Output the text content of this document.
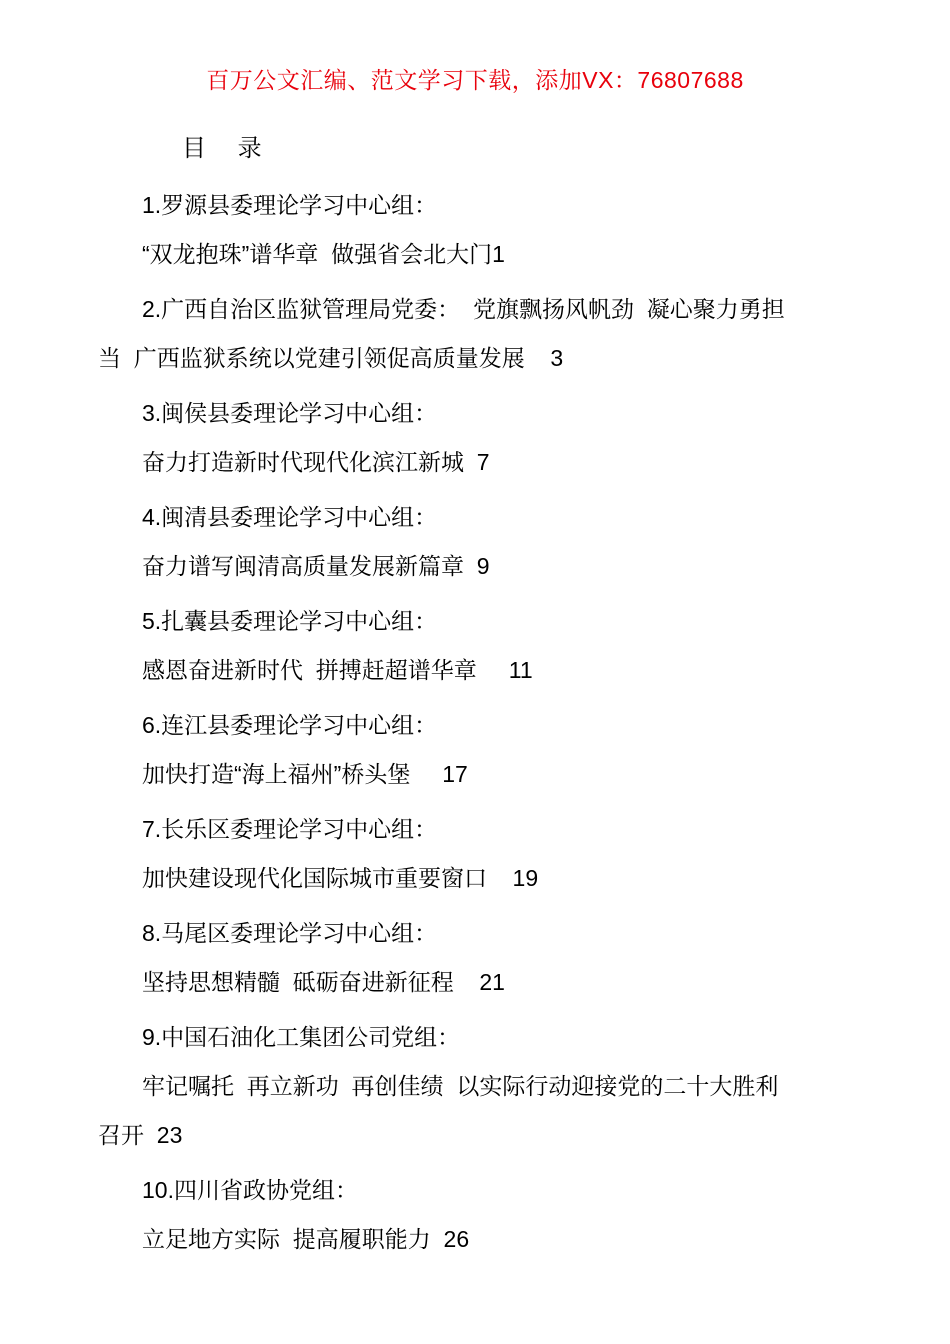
百万公文汇编、范文学习下载，添加VX：76807688
目    录
1.罗源县委理论学习中心组：
“双龙抱珠”谱华章  做强省会北大门1
2.广西自治区监狱管理局党委：  党旗飘扬风帆劲  凝心聚力勇担
当  广西监狱系统以党建引领促高质量发展    3
3.闽侯县委理论学习中心组：
奋力打造新时代现代化滨江新城  7
4.闽清县委理论学习中心组：
奋力谱写闽清高质量发展新篇章  9
5.扎囊县委理论学习中心组：
感恩奋进新时代  拼搏赶超谱华章     11
6.连江县委理论学习中心组：
加快打造“海上福州”桥头堡     17
7.长乐区委理论学习中心组：
加快建设现代化国际城市重要窗口    19
8.马尾区委理论学习中心组：
坚持思想精髓  砥砺奋进新征程    21
9.中国石油化工集团公司党组：
牢记嘱托  再立新功  再创佳绩  以实际行动迎接党的二十大胜利
召开  23
10.四川省政协党组：
立足地方实际  提高履职能力  26
